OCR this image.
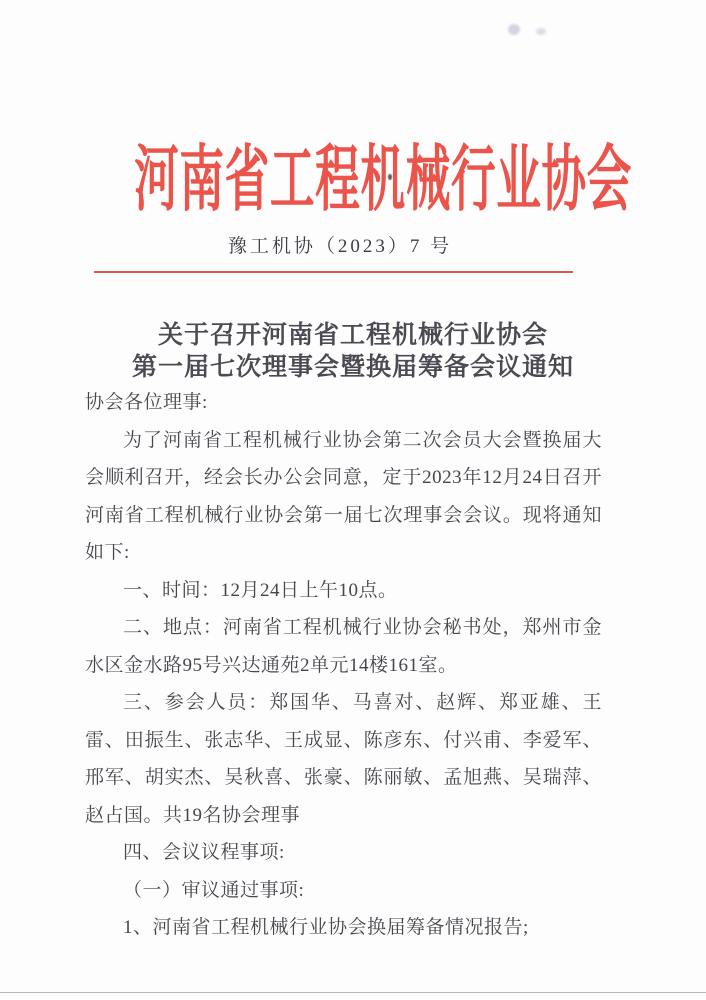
河南省工程机械行业协会
豫工机协（2023）7 号
关于召开河南省工程机械行业协会
第一届七次理事会暨换届筹备会议通知

协会各位理事:

为了河南省工程机械行业协会第二次会员大会暨换届大会顺利召开，经会长办公会同意，定于2023年12月24日召开河南省工程机械行业协会第一届七次理事会会议。现将通知如下:

一、时间：12月24日上午10点。

二、地点：河南省工程机械行业协会秘书处，郑州市金水区金水路95号兴达通苑2单元14楼161室。

三、参会人员：郑国华、马喜对、赵辉、郑亚雄、王雷、田振生、张志华、王成显、陈彦东、付兴甫、李爱军、邢军、胡实杰、吴秋喜、张豪、陈丽敏、孟旭燕、吴瑞萍、赵占国。共19名协会理事

四、会议议程事项:

（一）审议通过事项:

1、河南省工程机械行业协会换届筹备情况报告;
